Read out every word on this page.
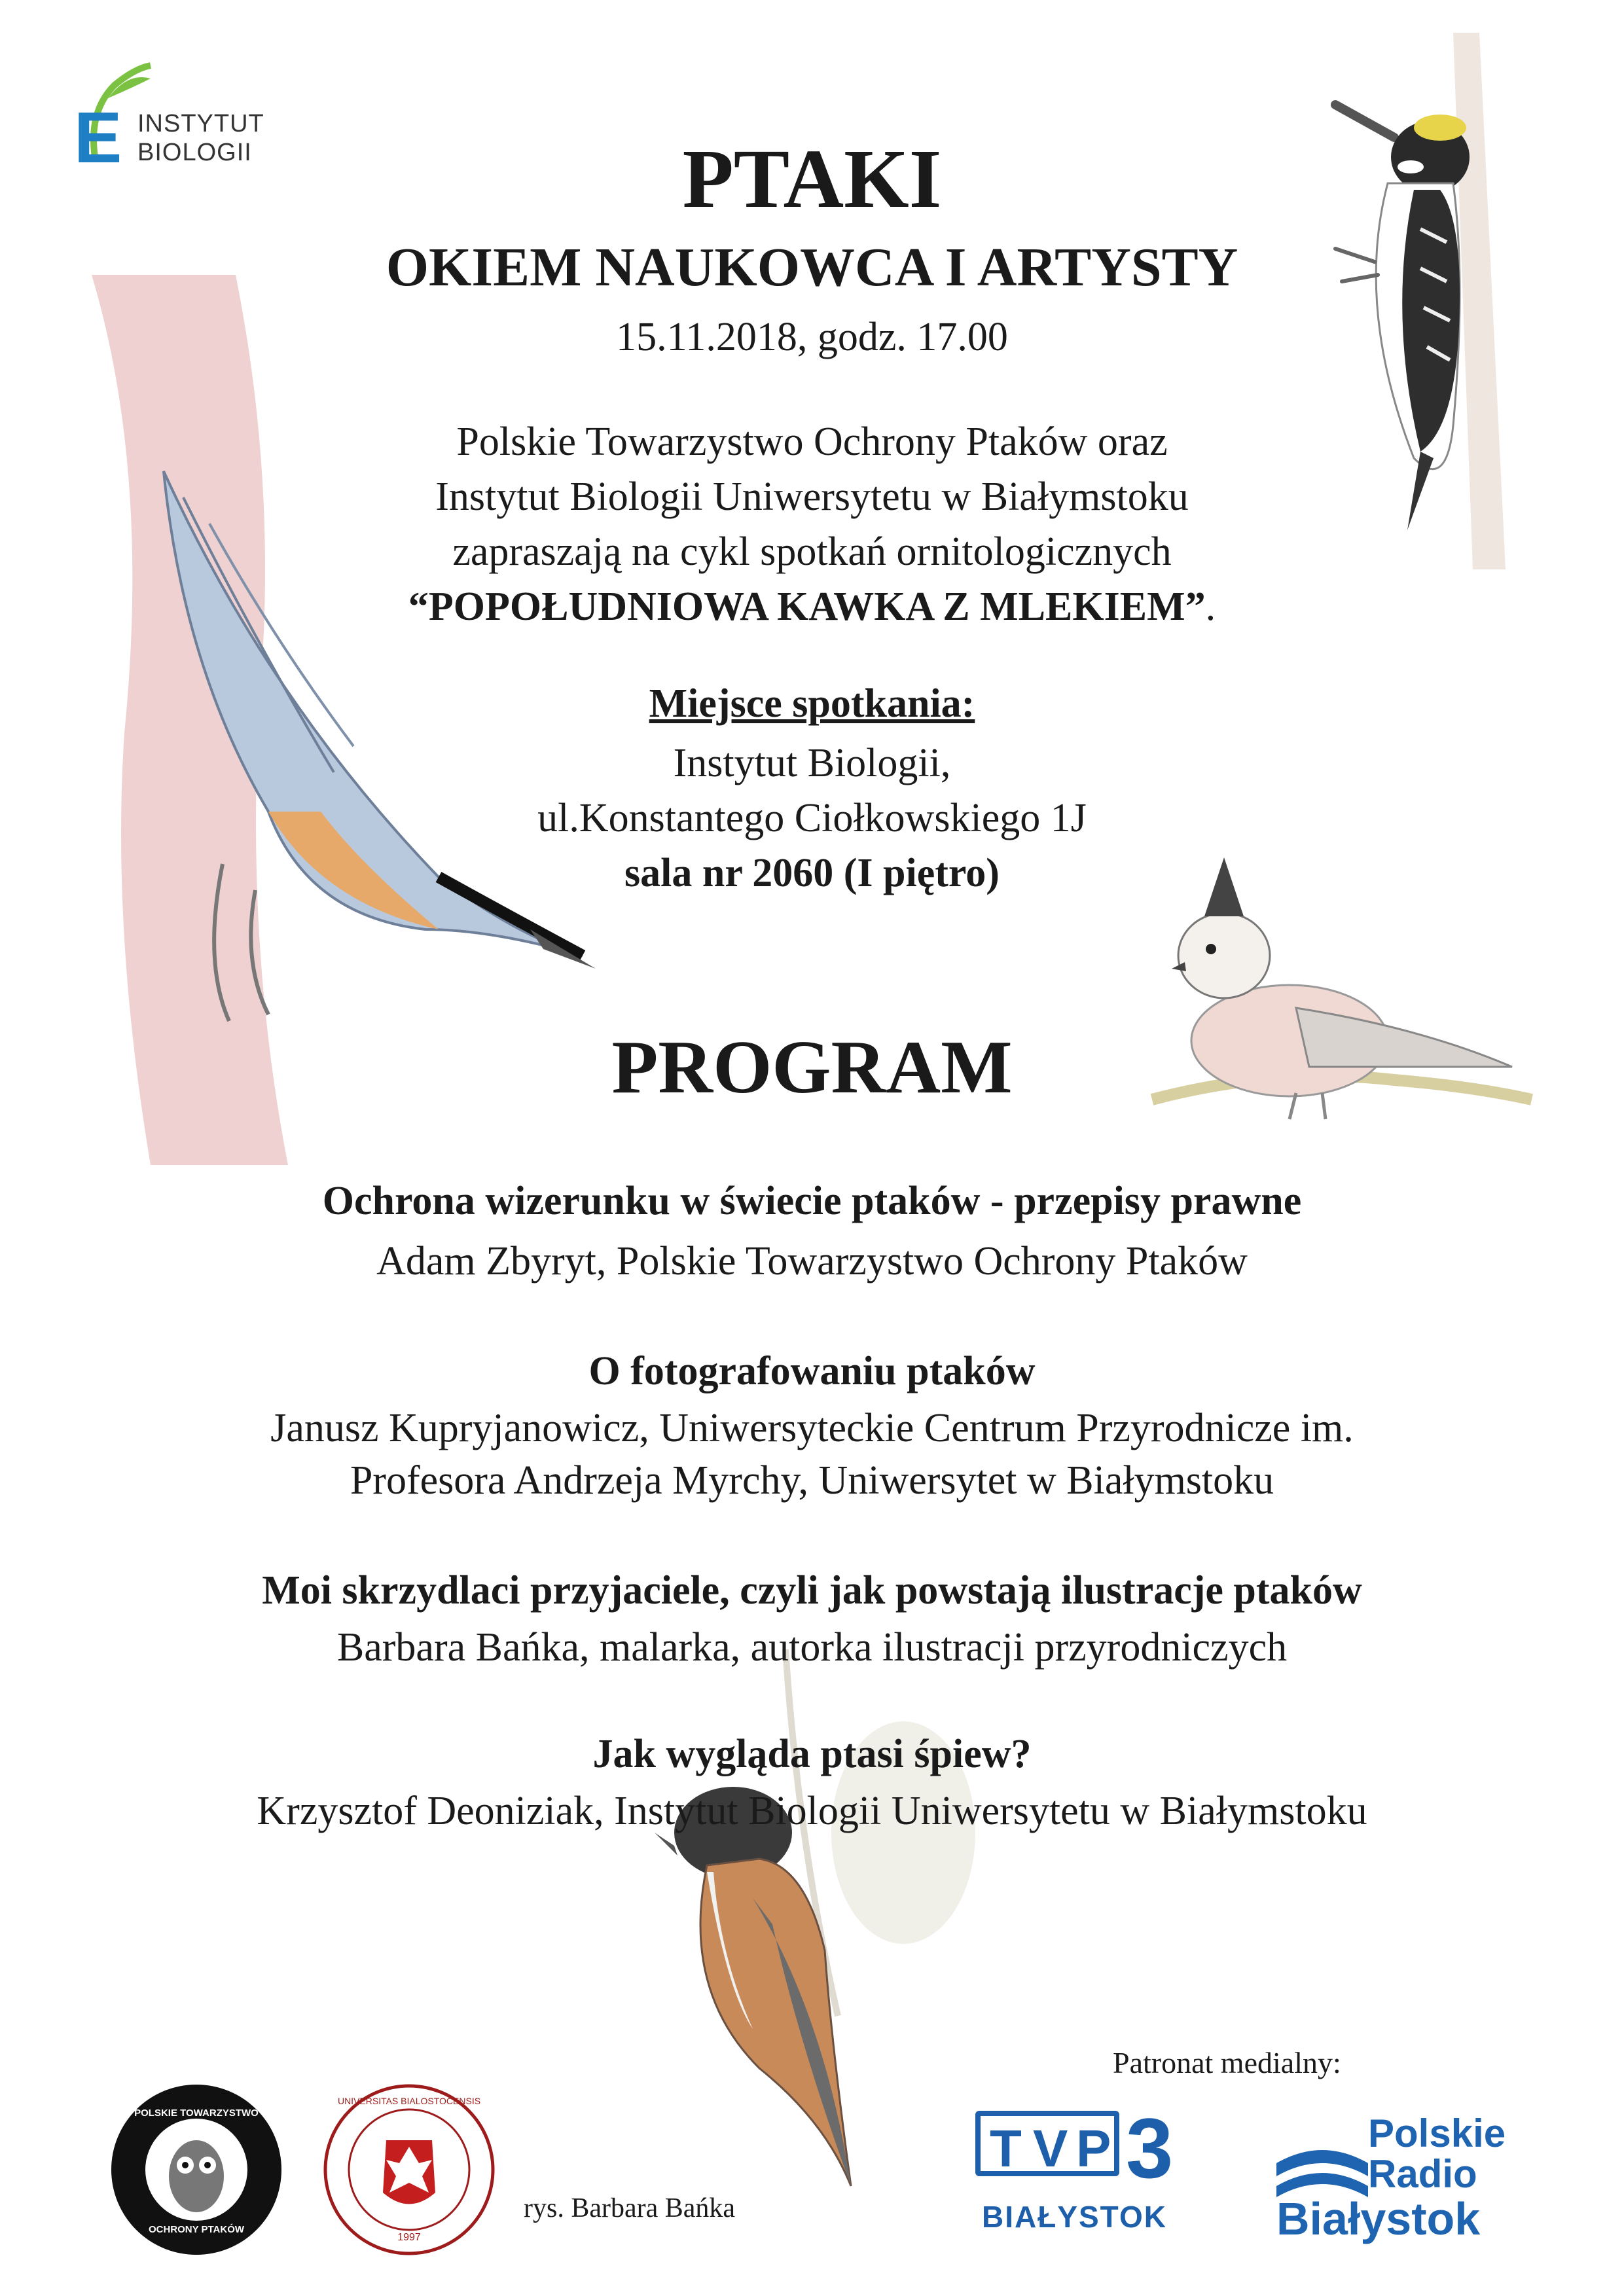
E INSTYTUT
BIOLOGII	PTAKI
OKIEM NAUKOWCA I ARTYSTY
15.11.2018, godz. 17.00
Polskie Towarzystwo Ochrony Ptaków oraz
Instytut Biologii Uniwersytetu w Białymstoku
zapraszają na cykl spotkań ornitologicznych
“POPOŁUDNIOWA KAWKA Z MLEKIEM”.
Miejsce spotkania:
Instytut Biologii,
ul.Konstantego Ciołkowskiego 1J
sala nr 2060 (I piętro)
PROGRAM
Ochrona wizerunku w świecie ptaków - przepisy prawne
Adam Zbyryt, Polskie Towarzystwo Ochrony Ptaków
O fotografowaniu ptaków
Janusz Kupryjanowicz, Uniwersyteckie Centrum Przyrodnicze im.
Profesora Andrzeja Myrchy, Uniwersytet w Białymstoku
Moi skrzydlaci przyjaciele, czyli jak powstają ilustracje ptaków
Barbara Bańka, malarka, autorka ilustracji przyrodniczych
Jak wygląda ptasi śpiew?
Krzysztof Deoniziak, Instytut Biologii Uniwersytetu w Białymstoku
rys. Barbara Bańka
Patronat medialny:
POLSKIE TOWARZYSTWO
OCHRONY PTAKÓW
UNIVERSITAS BIALOSTOCENSIS
1997
T V P 3
BIAŁYSTOK
Polskie
Radio
Białystok
